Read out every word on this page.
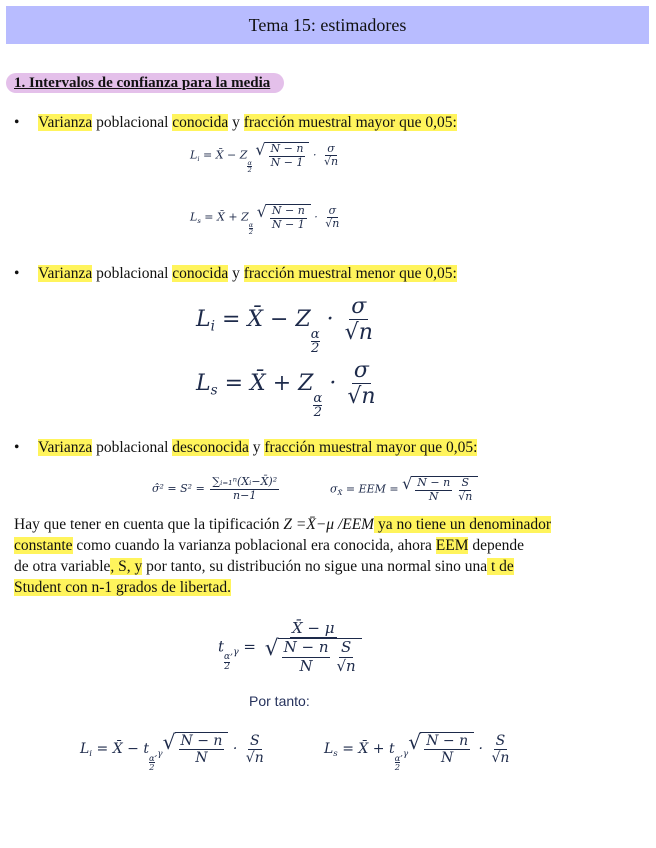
Tema 15: estimadores
1. Intervalos de confianza para la media
• Varianza poblacional conocida y fracción muestral mayor que 0,05:
$L_i$ = X̄ − Z
$\frac{\alpha}{2}$

√ $\frac{N - n}{N - 1} \cdot \frac{\sigma}{√n}$
$L_s$ = X̄ + Z
$\frac{\alpha}{2}$

√ $\frac{N - n}{N - 1} \cdot \frac{\sigma}{√n}$
• Varianza poblacional conocida y fracción muestral menor que 0,05:
$L_i$ = X̄ − Z
$\frac{\alpha}{2}$
· $\frac{\sigma}{√n}$
$L_s$ = X̄ + Z
$\frac{\alpha}{2}$
· $\frac{\sigma}{√n}$
• Varianza poblacional desconocida y fracción muestral mayor que 0,05:
σ̂² = $S^2 = \frac{\text{∑ᵢ₌₁ⁿ(Xᵢ−X̄)²}}{n-1}$	$\sigma_{X̄}$ = EEM = √ $\frac{N - n}{N} \frac{S}{√n}$
Hay que tener en cuenta que la tipificación Z =X̄−μ /EEM ya no tiene un denominador
constante como cuando la varianza poblacional era conocida, ahora EEM depende
de otra variable, S, y por tanto, su distribución no sigue una normal sino una t de
Student con n-1 grados de libertad.
t
$\frac{\alpha}{2}$
$_{,\gamma} = \frac{X̄ - \mu}{√ \frac{N - n}{N} \frac{S}{√n}}$
Por tanto:
$L_i$ = X̄ − t
$\frac{\alpha}{2} _{,\gamma}$
√ $\frac{N - n}{N} \cdot \frac{S}{√n}$	$L_s$ = X̄ + t
$\frac{\alpha}{2} _{,\gamma}$
√ $\frac{N - n}{N} \cdot \frac{S}{√n}$
